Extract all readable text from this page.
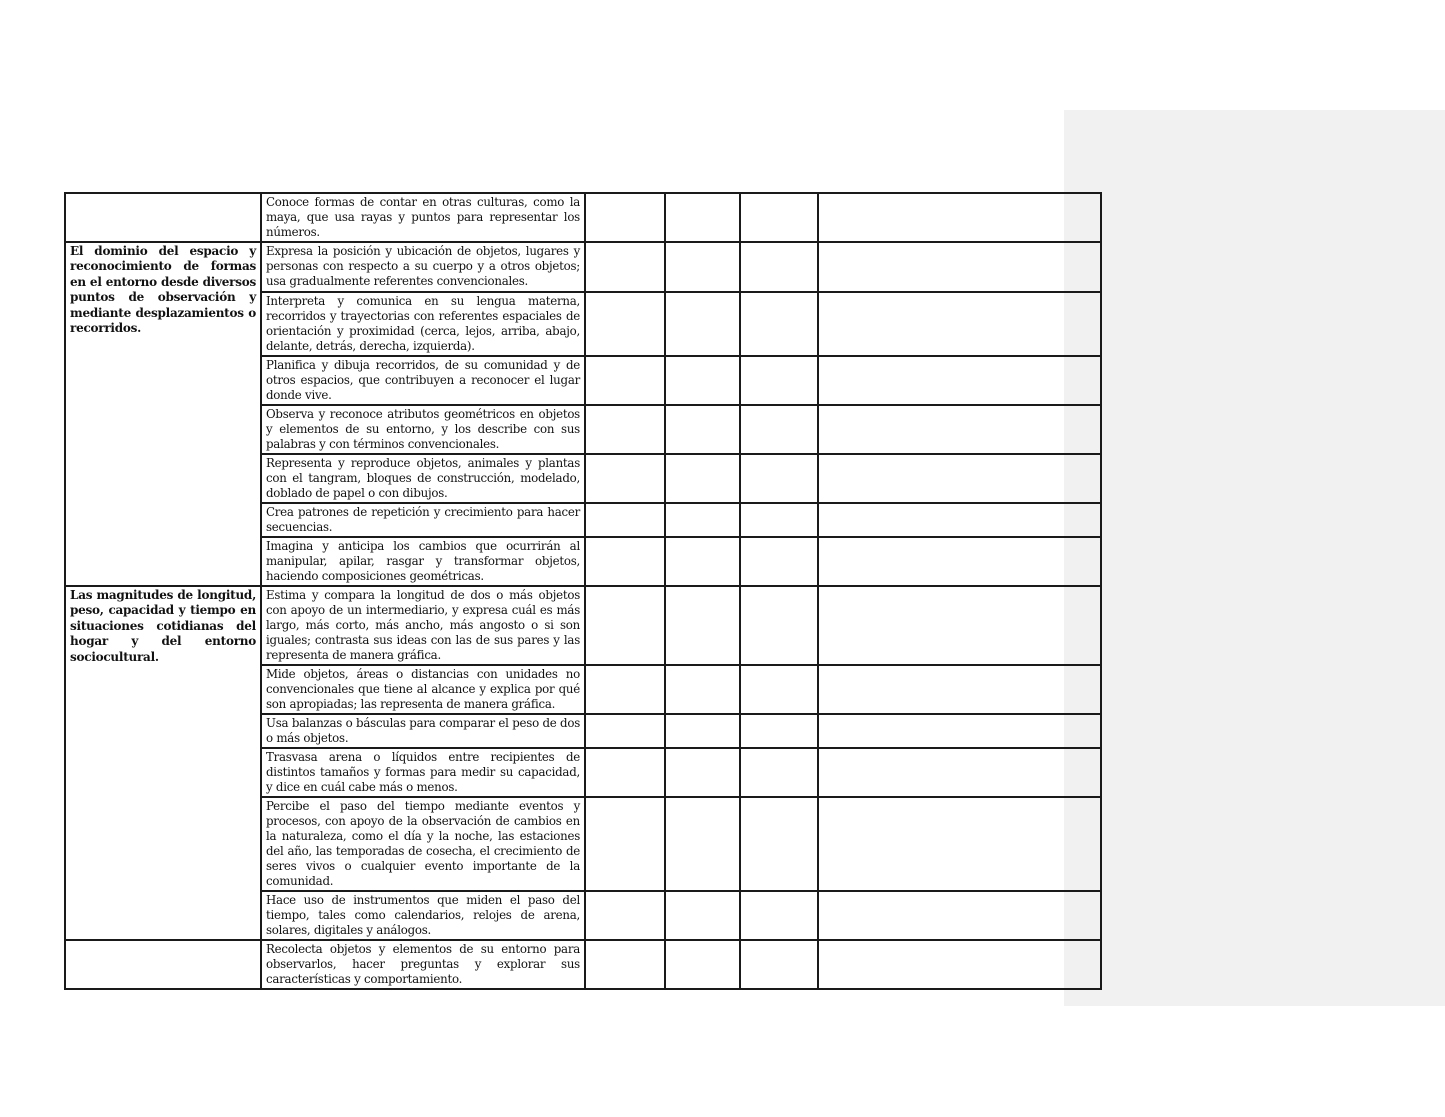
	Conoce formas de contar en otras culturas, como la maya, que usa rayas y puntos para representar los números.				
El dominio del espacio y reconocimiento de formas en el entorno desde diversos puntos de observación y mediante desplazamientos o recorridos.	Expresa la posición y ubicación de objetos, lugares y personas con respecto a su cuerpo y a otros objetos; usa gradualmente referentes convencionales.				
	Interpreta y comunica en su lengua materna, recorridos y trayectorias con referentes espaciales de orientación y proximidad (cerca, lejos, arriba, abajo, delante, detrás, derecha, izquierda).				
	Planifica y dibuja recorridos, de su comunidad y de otros espacios, que contribuyen a reconocer el lugar donde vive.				
	Observa y reconoce atributos geométricos en objetos y elementos de su entorno, y los describe con sus palabras y con términos convencionales.				
	Representa y reproduce objetos, animales y plantas con el tangram, bloques de construcción, modelado, doblado de papel o con dibujos.				
	Crea patrones de repetición y crecimiento para hacer secuencias.				
	Imagina y anticipa los cambios que ocurrirán al manipular, apilar, rasgar y transformar objetos, haciendo composiciones geométricas.				
Las magnitudes de longitud, peso, capacidad y tiempo en situaciones cotidianas del hogar y del entorno sociocultural.	Estima y compara la longitud de dos o más objetos con apoyo de un intermediario, y expresa cuál es más largo, más corto, más ancho, más angosto o si son iguales; contrasta sus ideas con las de sus pares y las representa de manera gráfica.				
	Mide objetos, áreas o distancias con unidades no convencionales que tiene al alcance y explica por qué son apropiadas; las representa de manera gráfica.				
	Usa balanzas o básculas para comparar el peso de dos o más objetos.				
	Trasvasa arena o líquidos entre recipientes de distintos tamaños y formas para medir su capacidad, y dice en cuál cabe más o menos.				
	Percibe el paso del tiempo mediante eventos y procesos, con apoyo de la observación de cambios en la naturaleza, como el día y la noche, las estaciones del año, las temporadas de cosecha, el crecimiento de seres vivos o cualquier evento importante de la comunidad.				
	Hace uso de instrumentos que miden el paso del tiempo, tales como calendarios, relojes de arena, solares, digitales y análogos.				
	Recolecta objetos y elementos de su entorno para observarlos, hacer preguntas y explorar sus características y comportamiento.				
